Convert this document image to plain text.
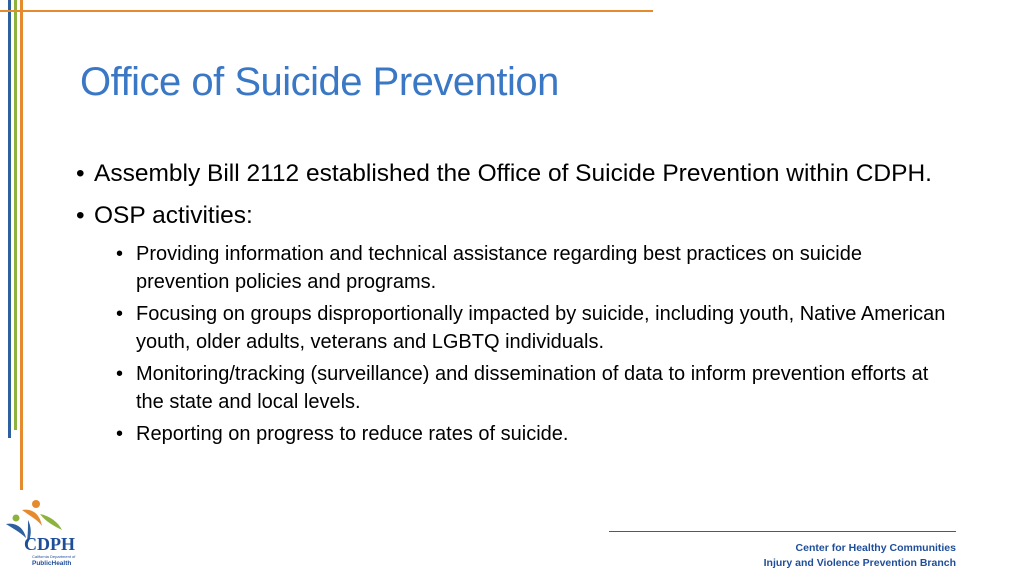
Office of Suicide Prevention
• Assembly Bill 2112 established the Office of Suicide Prevention within CDPH.
• OSP activities:
• Providing information and technical assistance regarding best practices on suicide prevention policies and programs.
• Focusing on groups disproportionally impacted by suicide, including youth, Native American youth, older adults, veterans and LGBTQ individuals.
• Monitoring/tracking (surveillance) and dissemination of data to inform prevention efforts at the state and local levels.
• Reporting on progress to reduce rates of suicide.
CDPH
California Department of
PublicHealth
Center for Healthy Communities
Injury and Violence Prevention Branch
